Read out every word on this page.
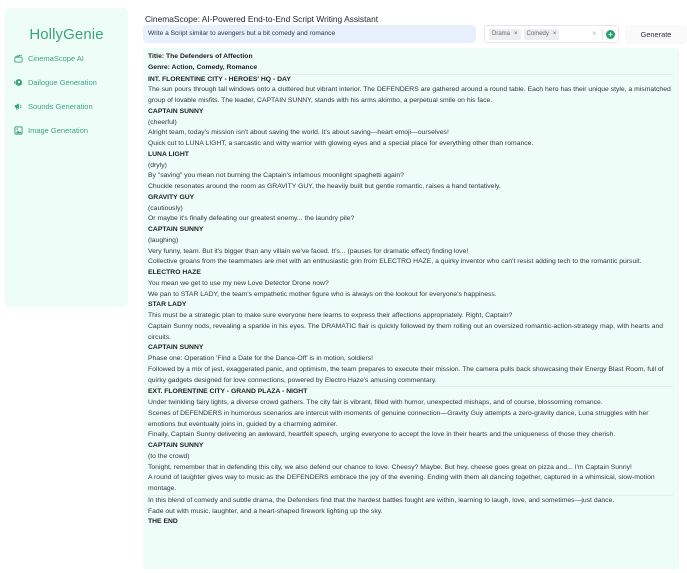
HollyGenie
CinemaScope AI
Dailogue Generation
Sounds Generation
Image Generation
CinemaScope: AI-Powered End-to-End Script Writing Assistant
Write a Script similar to avengers but a bit comedy and romance
Drama × Comedy ×	× +	Generate
Title: The Defenders of Affection
Genre: Action, Comedy, Romance
INT. FLORENTINE CITY - HEROES' HQ - DAY
The sun pours through tall windows onto a cluttered but vibrant interior. The DEFENDERS are gathered around a round table. Each hero has their unique style, a mismatched group of lovable misfits. The leader, CAPTAIN SUNNY, stands with his arms akimbo, a perpetual smile on his face.
CAPTAIN SUNNY
(cheerful)
Alright team, today's mission isn't about saving the world. It's about saving—heart emoji—ourselves!
Quick cut to LUNA LIGHT, a sarcastic and witty warrior with glowing eyes and a special place for everything other than romance.
LUNA LIGHT
(dryly)
By "saving" you mean not burning the Captain's infamous moonlight spaghetti again?
Chuckle resonates around the room as GRAVITY GUY, the heavily built but gentle romantic, raises a hand tentatively.
GRAVITY GUY
(cautiously)
Or maybe it's finally defeating our greatest enemy... the laundry pile?
CAPTAIN SUNNY
(laughing)
Very funny, team. But it's bigger than any villain we've faced. It's... (pauses for dramatic effect) finding love!
Collective groans from the teammates are met with an enthusiastic grin from ELECTRO HAZE, a quirky inventor who can't resist adding tech to the romantic pursuit.
ELECTRO HAZE
You mean we get to use my new Love Detector Drone now?
We pan to STAR LADY, the team's empathetic mother figure who is always on the lookout for everyone's happiness.
STAR LADY
This must be a strategic plan to make sure everyone here learns to express their affections appropriately. Right, Captain?
Captain Sunny nods, revealing a sparkle in his eyes. The DRAMATIC flair is quickly followed by them rolling out an oversized romantic-action-strategy map, with hearts and circuits.
CAPTAIN SUNNY
Phase one: Operation 'Find a Date for the Dance-Off' is in motion, soldiers!
Followed by a mix of jest, exaggerated panic, and optimism, the team prepares to execute their mission. The camera pulls back showcasing their Energy Blast Room, full of quirky gadgets designed for love connections, powered by Electro Haze's amusing commentary.
EXT. FLORENTINE CITY - GRAND PLAZA - NIGHT
Under twinkling fairy lights, a diverse crowd gathers. The city fair is vibrant, filled with humor, unexpected mishaps, and of course, blossoming romance.
Scenes of DEFENDERS in humorous scenarios are intercut with moments of genuine connection—Gravity Guy attempts a zero-gravity dance, Luna struggles with her emotions but eventually joins in, guided by a charming admirer.
Finally, Captain Sunny delivering an awkward, heartfelt speech, urging everyone to accept the love in their hearts and the uniqueness of those they cherish.
CAPTAIN SUNNY
(to the crowd)
Tonight, remember that in defending this city, we also defend our chance to love. Cheesy? Maybe. But hey, cheese goes great on pizza and... I'm Captain Sunny!
A round of laughter gives way to music as the DEFENDERS embrace the joy of the evening. Ending with them all dancing together, captured in a whimsical, slow-motion montage.
In this blend of comedy and subtle drama, the Defenders find that the hardest battles fought are within, learning to laugh, love, and sometimes—just dance.
Fade out with music, laughter, and a heart-shaped firework lighting up the sky.
THE END
